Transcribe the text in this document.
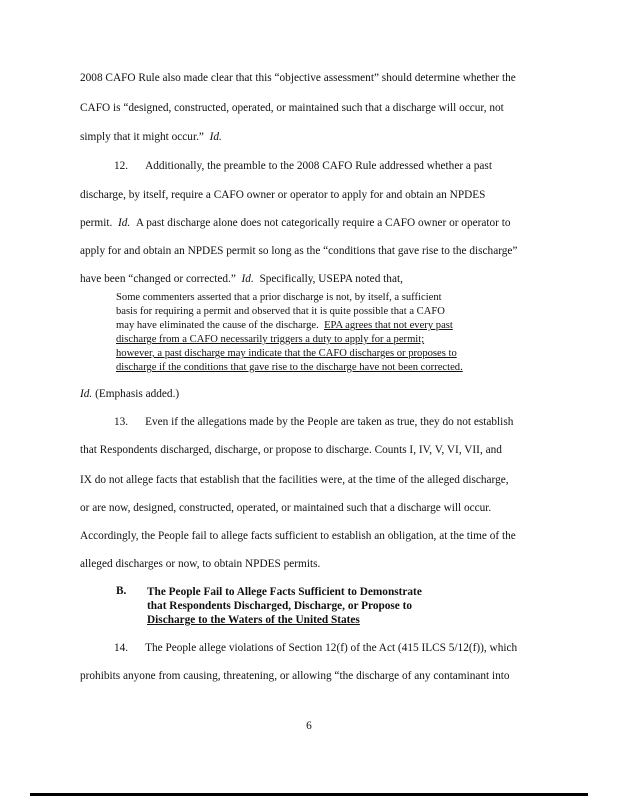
2008 CAFO Rule also made clear that this “objective assessment” should determine whether the
CAFO is “designed, constructed, operated, or maintained such that a discharge will occur, not
simply that it might occur.” Id.
12. Additionally, the preamble to the 2008 CAFO Rule addressed whether a past
discharge, by itself, require a CAFO owner or operator to apply for and obtain an NPDES
permit. Id. A past discharge alone does not categorically require a CAFO owner or operator to
apply for and obtain an NPDES permit so long as the “conditions that gave rise to the discharge”
have been “changed or corrected.” Id. Specifically, USEPA noted that,
Some commenters asserted that a prior discharge is not, by itself, a sufficient
basis for requiring a permit and observed that it is quite possible that a CAFO
may have eliminated the cause of the discharge. EPA agrees that not every past
discharge from a CAFO necessarily triggers a duty to apply for a permit;
however, a past discharge may indicate that the CAFO discharges or proposes to
discharge if the conditions that gave rise to the discharge have not been corrected.
Id. (Emphasis added.)
13. Even if the allegations made by the People are taken as true, they do not establish
that Respondents discharged, discharge, or propose to discharge. Counts I, IV, V, VI, VII, and
IX do not allege facts that establish that the facilities were, at the time of the alleged discharge,
or are now, designed, constructed, operated, or maintained such that a discharge will occur.
Accordingly, the People fail to allege facts sufficient to establish an obligation, at the time of the
alleged discharges or now, to obtain NPDES permits.
B. The People Fail to Allege Facts Sufficient to Demonstrate
that Respondents Discharged, Discharge, or Propose to
Discharge to the Waters of the United States
14. The People allege violations of Section 12(f) of the Act (415 ILCS 5/12(f)), which
prohibits anyone from causing, threatening, or allowing “the discharge of any contaminant into
6
